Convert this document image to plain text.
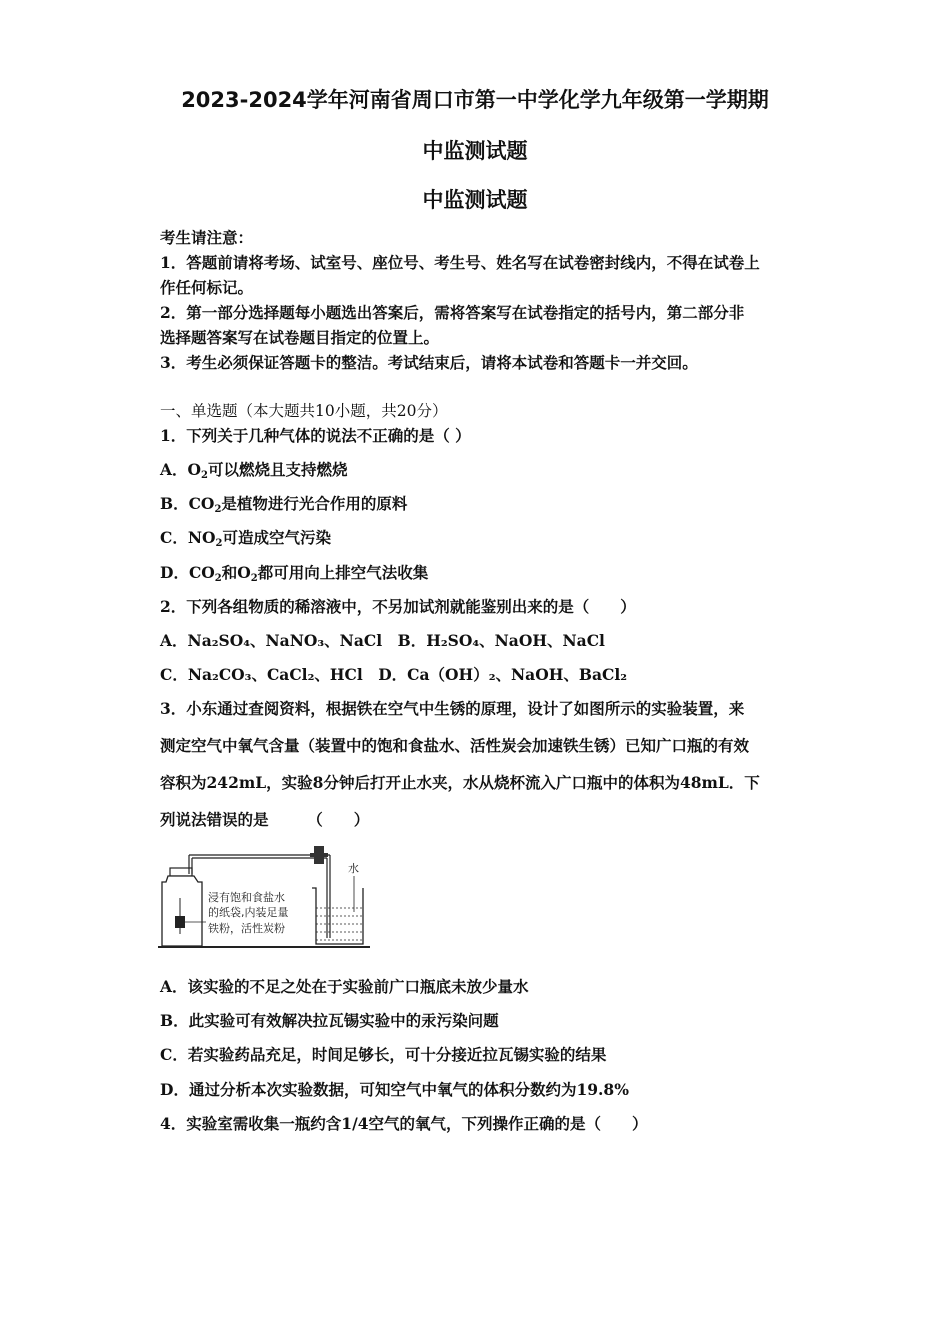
2023-2024学年河南省周口市第一中学化学九年级第一学期期
中监测试题
中监测试题
考生请注意：
1．答题前请将考场、试室号、座位号、考生号、姓名写在试卷密封线内，不得在试卷上
作任何标记。
2．第一部分选择题每小题选出答案后，需将答案写在试卷指定的括号内，第二部分非
选择题答案写在试卷题目指定的位置上。
3．考生必须保证答题卡的整洁。考试结束后，请将本试卷和答题卡一并交回。
一、单选题（本大题共10小题，共20分）
1．下列关于几种气体的说法不正确的是（ ）
A．$O_2$可以燃烧且支持燃烧
B．$CO_2$是植物进行光合作用的原料
C．$NO_2$可造成空气污染
D．$CO_2$和$O_2$都可用向上排空气法收集
2．下列各组物质的稀溶液中，不另加试剂就能鉴别出来的是（　　）
A．Na₂SO₄、NaNO₃、NaCl　B．H₂SO₄、NaOH、NaCl
C．Na₂CO₃、CaCl₂、HCl　D．Ca（OH）₂、NaOH、BaCl₂
3．小东通过查阅资料，根据铁在空气中生锈的原理，设计了如图所示的实验装置，来
测定空气中氧气含量（装置中的饱和食盐水、活性炭会加速铁生锈）已知广口瓶的有效
容积为242mL，实验8分钟后打开止水夹，水从烧杯流入广口瓶中的体积为48mL．下
列说法错误的是　　　（　　）
浸有饱和食盐水
的纸袋,内装足量
铁粉，活性炭粉
水
A．该实验的不足之处在于实验前广口瓶底未放少量水
B．此实验可有效解决拉瓦锡实验中的汞污染问题
C．若实验药品充足，时间足够长，可十分接近拉瓦锡实验的结果
D．通过分析本次实验数据，可知空气中氧气的体积分数约为19.8%
4．实验室需收集一瓶约含1/4空气的氧气，下列操作正确的是（　　）
